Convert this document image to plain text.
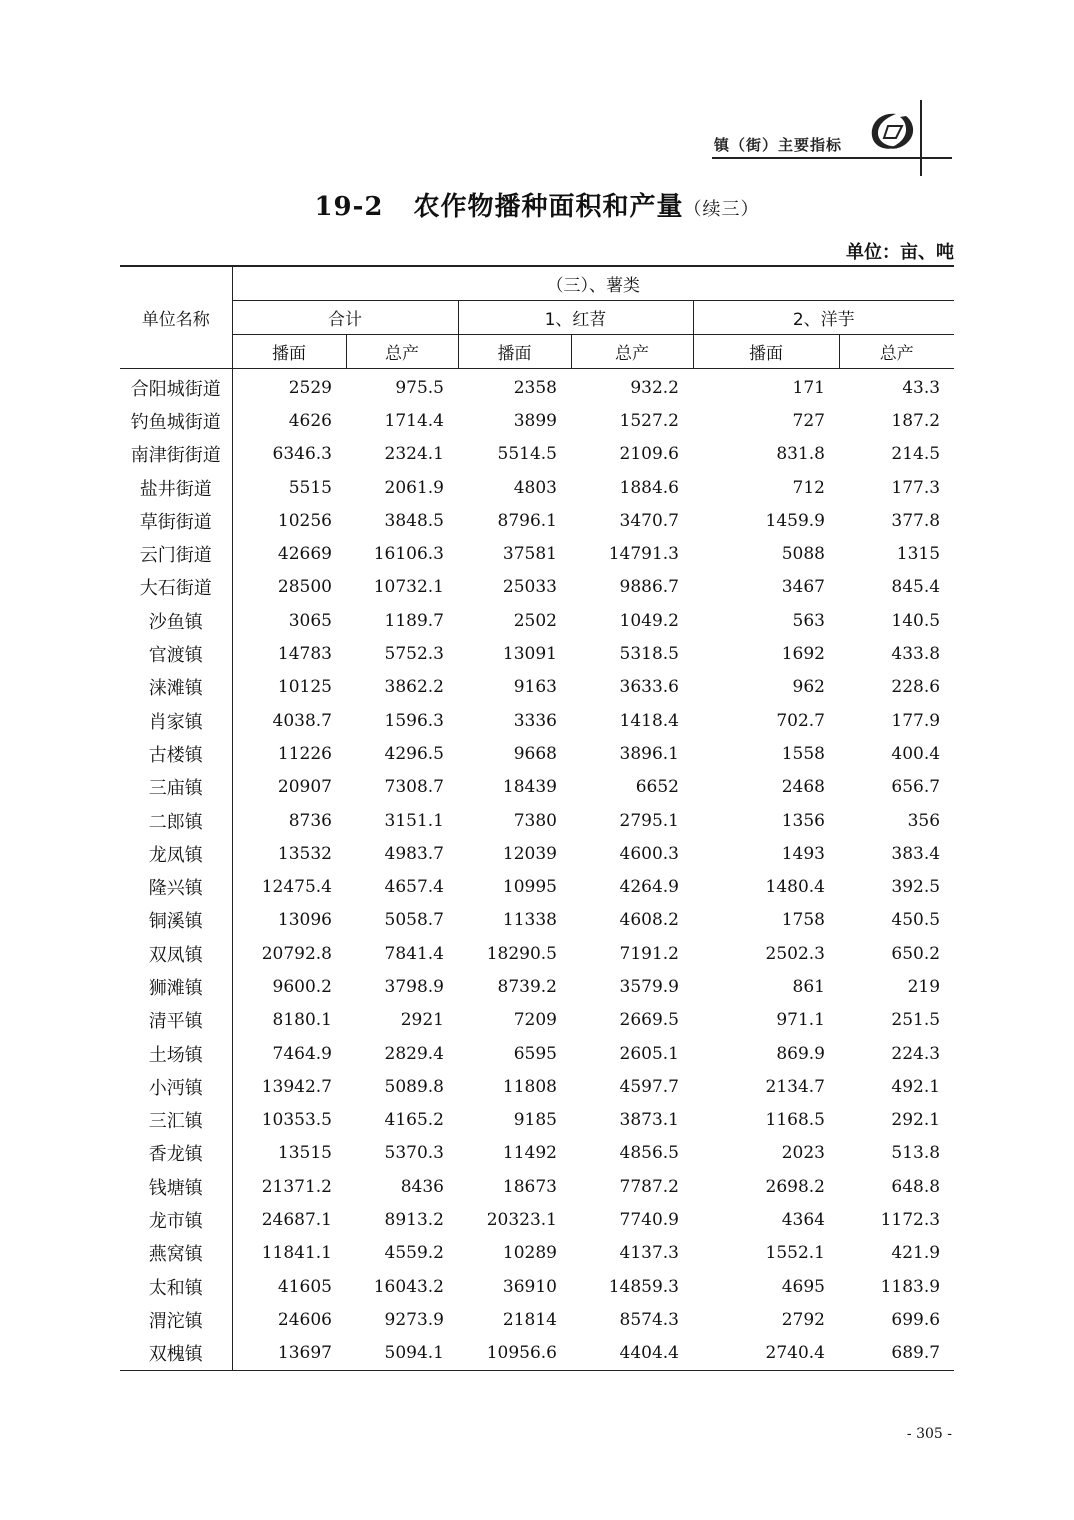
镇（街）主要指标
19-2 农作物播种面积和产量（续三）
单位：亩、吨
单位名称	（三）、薯类					
	合计		1、红苕		2、洋芋	
	播面	总产	播面	总产	播面	总产
合阳城街道	2529	975.5	2358	932.2	171	43.3
钓鱼城街道	4626	1714.4	3899	1527.2	727	187.2
南津街街道	6346.3	2324.1	5514.5	2109.6	831.8	214.5
盐井街道	5515	2061.9	4803	1884.6	712	177.3
草街街道	10256	3848.5	8796.1	3470.7	1459.9	377.8
云门街道	42669	16106.3	37581	14791.3	5088	1315
大石街道	28500	10732.1	25033	9886.7	3467	845.4
沙鱼镇	3065	1189.7	2502	1049.2	563	140.5
官渡镇	14783	5752.3	13091	5318.5	1692	433.8
涞滩镇	10125	3862.2	9163	3633.6	962	228.6
肖家镇	4038.7	1596.3	3336	1418.4	702.7	177.9
古楼镇	11226	4296.5	9668	3896.1	1558	400.4
三庙镇	20907	7308.7	18439	6652	2468	656.7
二郎镇	8736	3151.1	7380	2795.1	1356	356
龙凤镇	13532	4983.7	12039	4600.3	1493	383.4
隆兴镇	12475.4	4657.4	10995	4264.9	1480.4	392.5
铜溪镇	13096	5058.7	11338	4608.2	1758	450.5
双凤镇	20792.8	7841.4	18290.5	7191.2	2502.3	650.2
狮滩镇	9600.2	3798.9	8739.2	3579.9	861	219
清平镇	8180.1	2921	7209	2669.5	971.1	251.5
土场镇	7464.9	2829.4	6595	2605.1	869.9	224.3
小沔镇	13942.7	5089.8	11808	4597.7	2134.7	492.1
三汇镇	10353.5	4165.2	9185	3873.1	1168.5	292.1
香龙镇	13515	5370.3	11492	4856.5	2023	513.8
钱塘镇	21371.2	8436	18673	7787.2	2698.2	648.8
龙市镇	24687.1	8913.2	20323.1	7740.9	4364	1172.3
燕窝镇	11841.1	4559.2	10289	4137.3	1552.1	421.9
太和镇	41605	16043.2	36910	14859.3	4695	1183.9
渭沱镇	24606	9273.9	21814	8574.3	2792	699.6
双槐镇	13697	5094.1	10956.6	4404.4	2740.4	689.7
- 305 -
